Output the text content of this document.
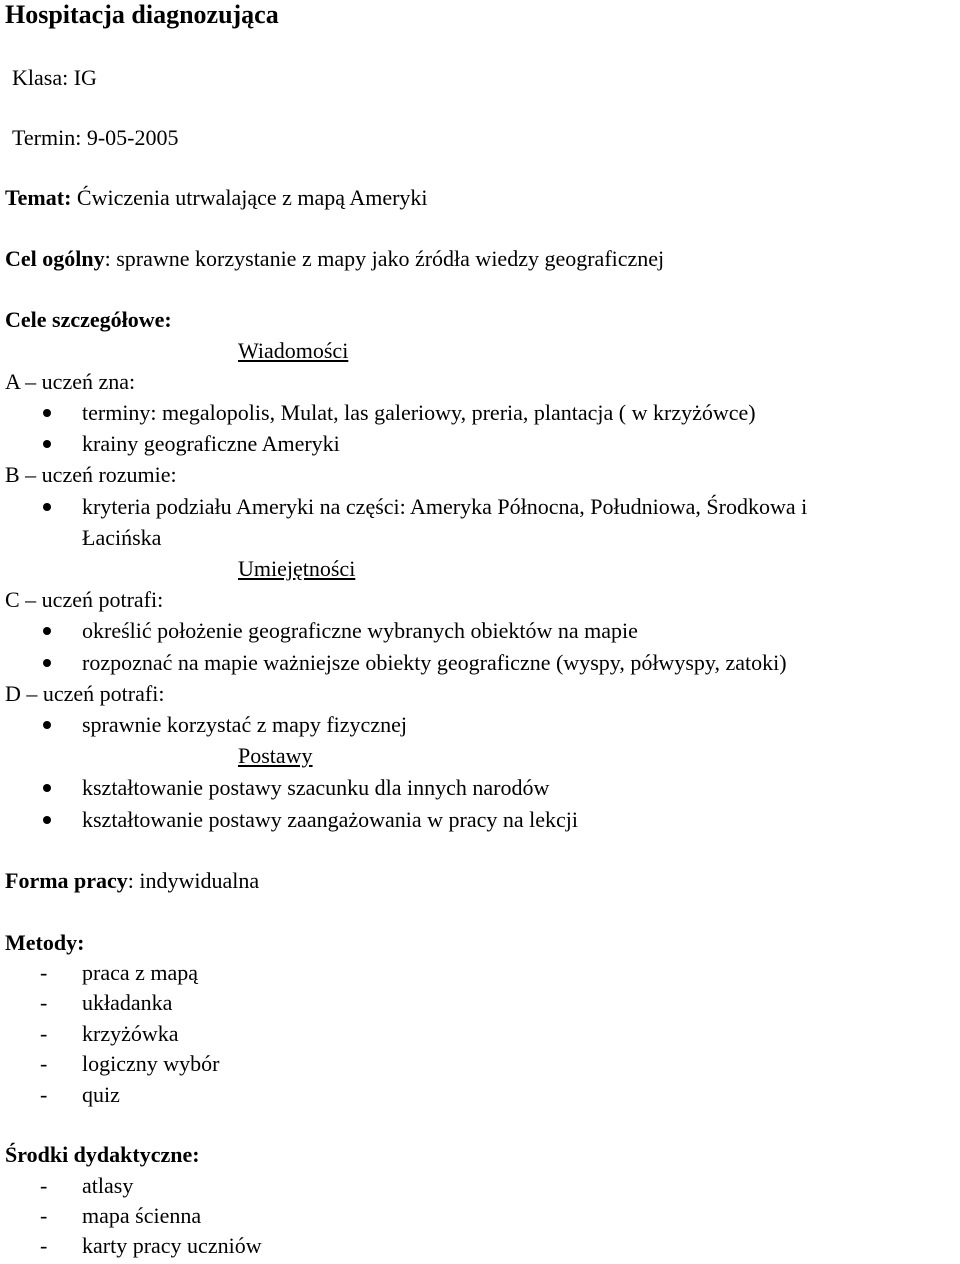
Hospitacja diagnozująca
Klasa: IG
Termin: 9-05-2005
Temat: Ćwiczenia utrwalające z mapą Ameryki
Cel ogólny: sprawne korzystanie z mapy jako źródła wiedzy geograficznej
Cele szczegółowe:
Wiadomości
A – uczeń zna:
terminy: megalopolis, Mulat, las galeriowy, preria, plantacja ( w krzyżówce)
krainy geograficzne Ameryki
B – uczeń rozumie:
kryteria podziału Ameryki na części: Ameryka Północna, Południowa, Środkowa i
Łacińska
Umiejętności
C – uczeń potrafi:
określić położenie geograficzne wybranych obiektów na mapie
rozpoznać na mapie ważniejsze obiekty geograficzne (wyspy, półwyspy, zatoki)
D – uczeń potrafi:
sprawnie korzystać z mapy fizycznej
Postawy
kształtowanie postawy szacunku dla innych narodów
kształtowanie postawy zaangażowania w pracy na lekcji
Forma pracy: indywidualna
Metody:
- praca z mapą
- układanka
- krzyżówka
- logiczny wybór
- quiz
Środki dydaktyczne:
- atlasy
- mapa ścienna
- karty pracy uczniów
